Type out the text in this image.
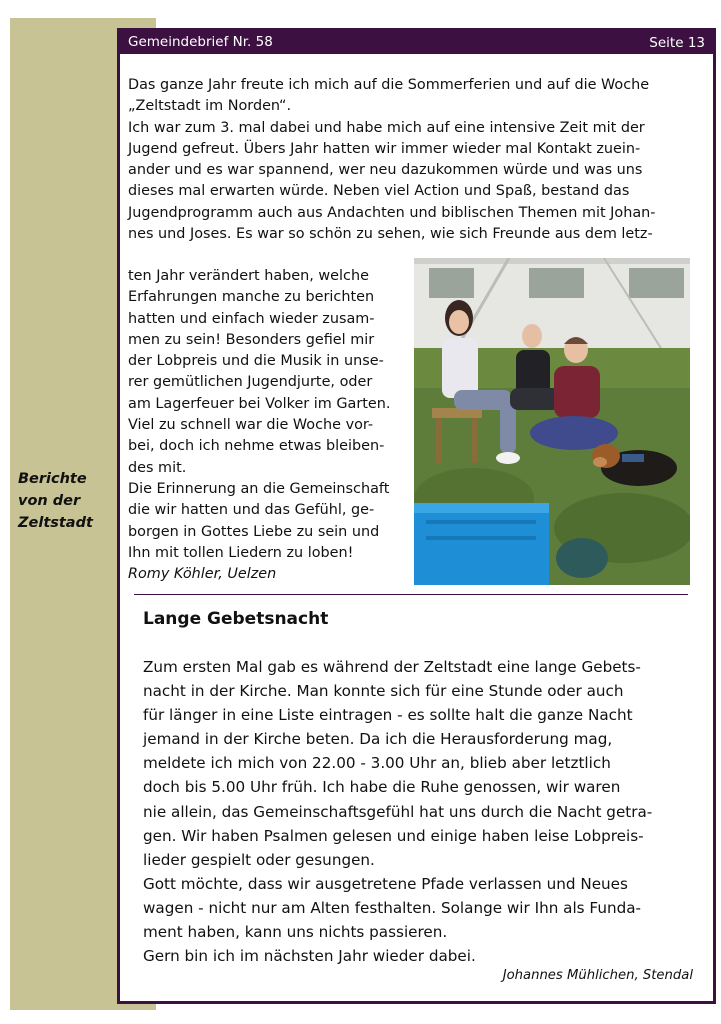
Berichte
von der
Zeltstadt
Gemeindebrief Nr. 58	Seite 13
Das ganze Jahr freute ich mich auf die Sommerferien und auf die Woche
„Zeltstadt im Norden“.
Ich war zum 3. mal dabei und habe mich auf eine intensive Zeit mit der
Jugend gefreut. Übers Jahr hatten wir immer wieder mal Kontakt zuein-
ander und es war spannend, wer neu dazukommen würde und was uns
dieses mal erwarten würde. Neben viel Action und Spaß, bestand das
Jugendprogramm auch aus Andachten und biblischen Themen mit Johan-
nes und Joses. Es war so schön zu sehen, wie sich Freunde aus dem letz-
ten Jahr verändert haben, welche
Erfahrungen manche zu berichten
hatten und einfach wieder zusam-
men zu sein! Besonders gefiel mir
der Lobpreis und die Musik in unse-
rer gemütlichen Jugendjurte, oder
am Lagerfeuer bei Volker im Garten.
Viel zu schnell war die Woche vor-
bei, doch ich nehme etwas bleiben-
des mit.
Die Erinnerung an die Gemeinschaft
die wir hatten und das Gefühl, ge-
borgen in Gottes Liebe zu sein und
Ihn mit tollen Liedern zu loben!
Romy Köhler, Uelzen
Lange Gebetsnacht
Zum ersten Mal gab es während der Zeltstadt eine lange Gebets-
nacht in der Kirche. Man konnte sich für eine Stunde oder auch
für länger in eine Liste eintragen - es sollte halt die ganze Nacht
jemand in der Kirche beten. Da ich die Herausforderung mag,
meldete ich mich von 22.00 - 3.00 Uhr an, blieb aber letztlich
doch bis 5.00 Uhr früh. Ich habe die Ruhe genossen, wir waren
nie allein, das Gemeinschaftsgefühl hat uns durch die Nacht getra-
gen. Wir haben Psalmen gelesen und einige haben leise Lobpreis-
lieder gespielt oder gesungen.
Gott möchte, dass wir ausgetretene Pfade verlassen und Neues
wagen - nicht nur am Alten festhalten. Solange wir Ihn als Funda-
ment haben, kann uns nichts passieren.
Gern bin ich im nächsten Jahr wieder dabei.
Johannes Mühlichen, Stendal
